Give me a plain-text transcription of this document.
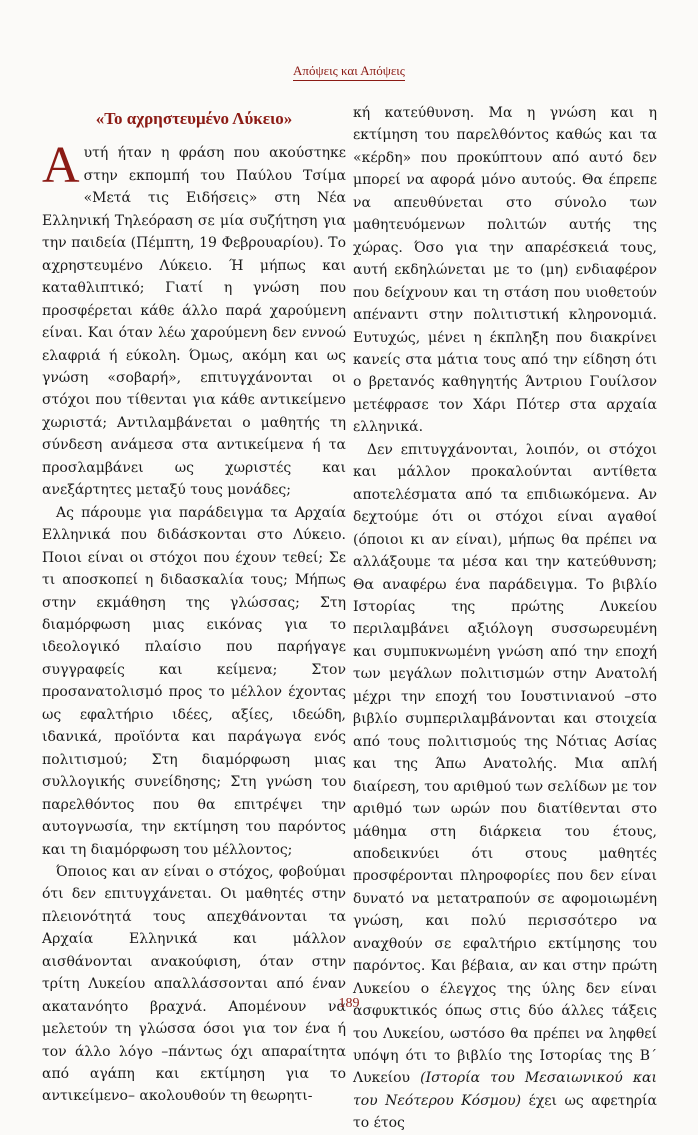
Απόψεις και Απόψεις
«Το αχρηστευμένο Λύκειο»

Αυτή ήταν η φράση που ακούστηκε στην εκπομπή του Παύλου Τσίμα «Μετά τις Ειδήσεις» στη Νέα Ελληνική Τηλεόραση σε μία συζήτηση για την παιδεία (Πέμπτη, 19 Φεβρουαρίου). Το αχρηστευμένο Λύκειο. Ή μήπως και καταθλιπτικό; Γιατί η γνώση που προσφέρεται κάθε άλλο παρά χαρούμενη είναι. Και όταν λέω χαρούμενη δεν εννοώ ελαφριά ή εύκολη. Όμως, ακόμη και ως γνώση «σοβαρή», επιτυγχάνονται οι στόχοι που τίθενται για κάθε αντικείμενο χωριστά; Αντιλαμβάνεται ο μαθητής τη σύνδεση ανάμεσα στα αντικείμενα ή τα προσλαμβάνει ως χωριστές και ανεξάρτητες μεταξύ τους μονάδες;

Ας πάρουμε για παράδειγμα τα Αρχαία Ελληνικά που διδάσκονται στο Λύκειο. Ποιοι είναι οι στόχοι που έχουν τεθεί; Σε τι αποσκοπεί η διδασκαλία τους; Μήπως στην εκμάθηση της γλώσσας; Στη διαμόρφωση μιας εικόνας για το ιδεολογικό πλαίσιο που παρήγαγε συγγραφείς και κείμενα; Στον προσανατολισμό προς το μέλλον έχοντας ως εφαλτήριο ιδέες, αξίες, ιδεώδη, ιδανικά, προϊόντα και παράγωγα ενός πολιτισμού; Στη διαμόρφωση μιας συλλογικής συνείδησης; Στη γνώση του παρελθόντος που θα επιτρέψει την αυτογνωσία, την εκτίμηση του παρόντος και τη διαμόρφωση του μέλλοντος;

Όποιος και αν είναι ο στόχος, φοβούμαι ότι δεν επιτυγχάνεται. Οι μαθητές στην πλειονότητά τους απεχθάνονται τα Αρχαία Ελληνικά και μάλλον αισθάνονται ανακούφιση, όταν στην τρίτη Λυκείου απαλλάσσονται από έναν ακατανόητο βραχνά. Απομένουν να μελετούν τη γλώσσα όσοι για τον ένα ή τον άλλο λόγο –πάντως όχι απαραίτητα από αγάπη και εκτίμηση για το αντικείμενο– ακολουθούν τη θεωρητι-

κή κατεύθυνση. Μα η γνώση και η εκτίμηση του παρελθόντος καθώς και τα «κέρδη» που προκύπτουν από αυτό δεν μπορεί να αφορά μόνο αυτούς. Θα έπρεπε να απευθύνεται στο σύνολο των μαθητευόμενων πολιτών αυτής της χώρας. Όσο για την απαρέσκειά τους, αυτή εκδηλώνεται με το (μη) ενδιαφέρον που δείχνουν και τη στάση που υιοθετούν απέναντι στην πολιτιστική κληρονομιά. Ευτυχώς, μένει η έκπληξη που διακρίνει κανείς στα μάτια τους από την είδηση ότι ο βρετανός καθηγητής Άντριου Γουίλσον μετέφρασε τον Χάρι Πότερ στα αρχαία ελληνικά.

Δεν επιτυγχάνονται, λοιπόν, οι στόχοι και μάλλον προκαλούνται αντίθετα αποτελέσματα από τα επιδιωκόμενα. Αν δεχτούμε ότι οι στόχοι είναι αγαθοί (όποιοι κι αν είναι), μήπως θα πρέπει να αλλάξουμε τα μέσα και την κατεύθυνση; Θα αναφέρω ένα παράδειγμα. Το βιβλίο Ιστορίας της πρώτης Λυκείου περιλαμβάνει αξιόλογη συσσωρευμένη και συμπυκνωμένη γνώση από την εποχή των μεγάλων πολιτισμών στην Ανατολή μέχρι την εποχή του Ιουστινιανού –στο βιβλίο συμπεριλαμβάνονται και στοιχεία από τους πολιτισμούς της Νότιας Ασίας και της Άπω Ανατολής. Μια απλή διαίρεση, του αριθμού των σελίδων με τον αριθμό των ωρών που διατίθενται στο μάθημα στη διάρκεια του έτους, αποδεικνύει ότι στους μαθητές προσφέρονται πληροφορίες που δεν είναι δυνατό να μετατραπούν σε αφομοιωμένη γνώση, και πολύ περισσότερο να αναχθούν σε εφαλτήριο εκτίμησης του παρόντος. Και βέβαια, αν και στην πρώτη Λυκείου ο έλεγχος της ύλης δεν είναι ασφυκτικός όπως στις δύο άλλες τάξεις του Λυκείου, ωστόσο θα πρέπει να ληφθεί υπόψη ότι το βιβλίο της Ιστορίας της Β΄ Λυκείου (Ιστορία του Μεσαιωνικού και του Νεότερου Κόσμου) έχει ως αφετηρία το έτος

189
